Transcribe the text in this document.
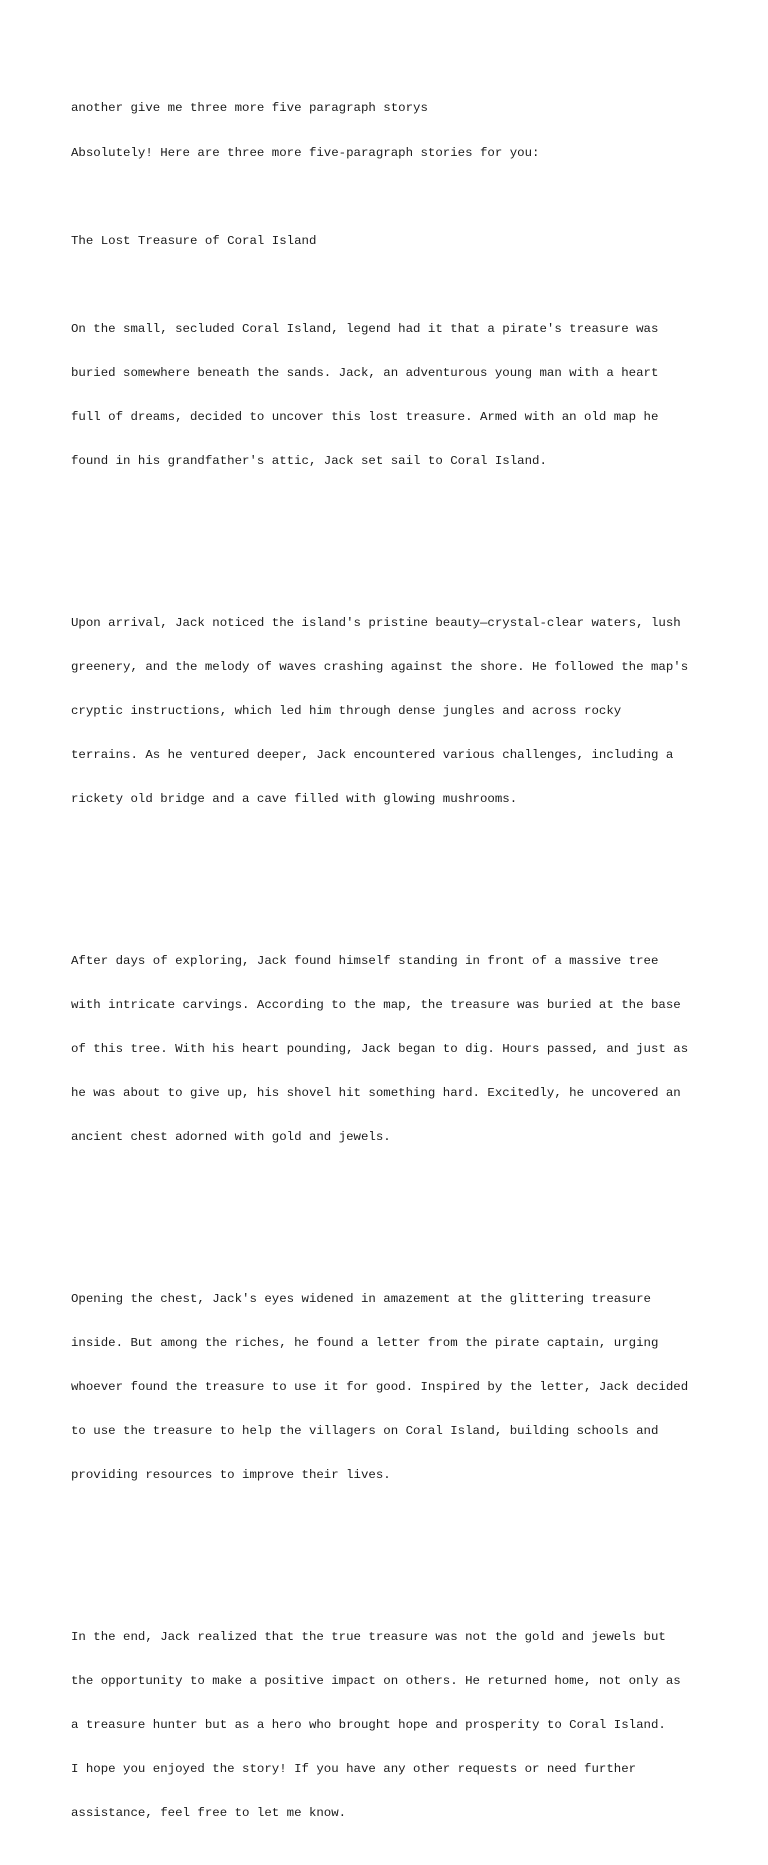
another give me three more five paragraph storys

Absolutely! Here are three more five-paragraph stories for you:

The Lost Treasure of Coral Island

On the small, secluded Coral Island, legend had it that a pirate's treasure was

buried somewhere beneath the sands. Jack, an adventurous young man with a heart

full of dreams, decided to uncover this lost treasure. Armed with an old map he

found in his grandfather's attic, Jack set sail to Coral Island.

Upon arrival, Jack noticed the island's pristine beauty—crystal-clear waters, lush

greenery, and the melody of waves crashing against the shore. He followed the map's

cryptic instructions, which led him through dense jungles and across rocky

terrains. As he ventured deeper, Jack encountered various challenges, including a

rickety old bridge and a cave filled with glowing mushrooms.

After days of exploring, Jack found himself standing in front of a massive tree

with intricate carvings. According to the map, the treasure was buried at the base

of this tree. With his heart pounding, Jack began to dig. Hours passed, and just as

he was about to give up, his shovel hit something hard. Excitedly, he uncovered an

ancient chest adorned with gold and jewels.

Opening the chest, Jack's eyes widened in amazement at the glittering treasure

inside. But among the riches, he found a letter from the pirate captain, urging

whoever found the treasure to use it for good. Inspired by the letter, Jack decided

to use the treasure to help the villagers on Coral Island, building schools and

providing resources to improve their lives.

In the end, Jack realized that the true treasure was not the gold and jewels but

the opportunity to make a positive impact on others. He returned home, not only as

a treasure hunter but as a hero who brought hope and prosperity to Coral Island.

I hope you enjoyed the story! If you have any other requests or need further

assistance, feel free to let me know.
